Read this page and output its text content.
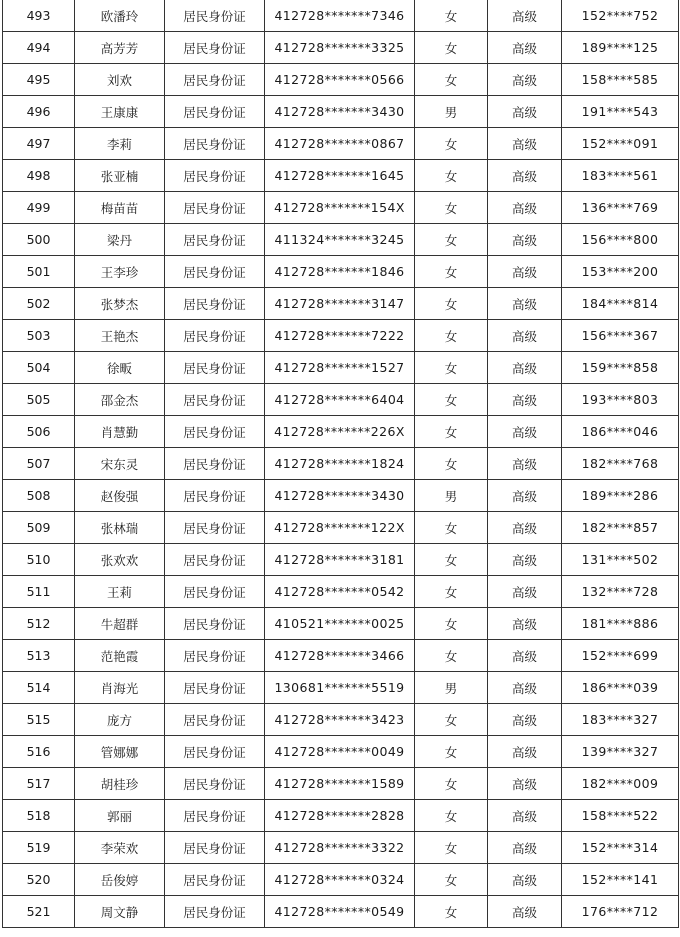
493	欧潘玲	居民身份证	412728*******7346	女	高级	152****752
494	高芳芳	居民身份证	412728*******3325	女	高级	189****125
495	刘欢	居民身份证	412728*******0566	女	高级	158****585
496	王康康	居民身份证	412728*******3430	男	高级	191****543
497	李莉	居民身份证	412728*******0867	女	高级	152****091
498	张亚楠	居民身份证	412728*******1645	女	高级	183****561
499	梅苗苗	居民身份证	412728*******154X	女	高级	136****769
500	梁丹	居民身份证	411324*******3245	女	高级	156****800
501	王李珍	居民身份证	412728*******1846	女	高级	153****200
502	张梦杰	居民身份证	412728*******3147	女	高级	184****814
503	王艳杰	居民身份证	412728*******7222	女	高级	156****367
504	徐畈	居民身份证	412728*******1527	女	高级	159****858
505	邵金杰	居民身份证	412728*******6404	女	高级	193****803
506	肖慧勤	居民身份证	412728*******226X	女	高级	186****046
507	宋东灵	居民身份证	412728*******1824	女	高级	182****768
508	赵俊强	居民身份证	412728*******3430	男	高级	189****286
509	张林瑞	居民身份证	412728*******122X	女	高级	182****857
510	张欢欢	居民身份证	412728*******3181	女	高级	131****502
511	王莉	居民身份证	412728*******0542	女	高级	132****728
512	牛超群	居民身份证	410521*******0025	女	高级	181****886
513	范艳霞	居民身份证	412728*******3466	女	高级	152****699
514	肖海光	居民身份证	130681*******5519	男	高级	186****039
515	庞方	居民身份证	412728*******3423	女	高级	183****327
516	管娜娜	居民身份证	412728*******0049	女	高级	139****327
517	胡桂珍	居民身份证	412728*******1589	女	高级	182****009
518	郭丽	居民身份证	412728*******2828	女	高级	158****522
519	李荣欢	居民身份证	412728*******3322	女	高级	152****314
520	岳俊婷	居民身份证	412728*******0324	女	高级	152****141
521	周文静	居民身份证	412728*******0549	女	高级	176****712
